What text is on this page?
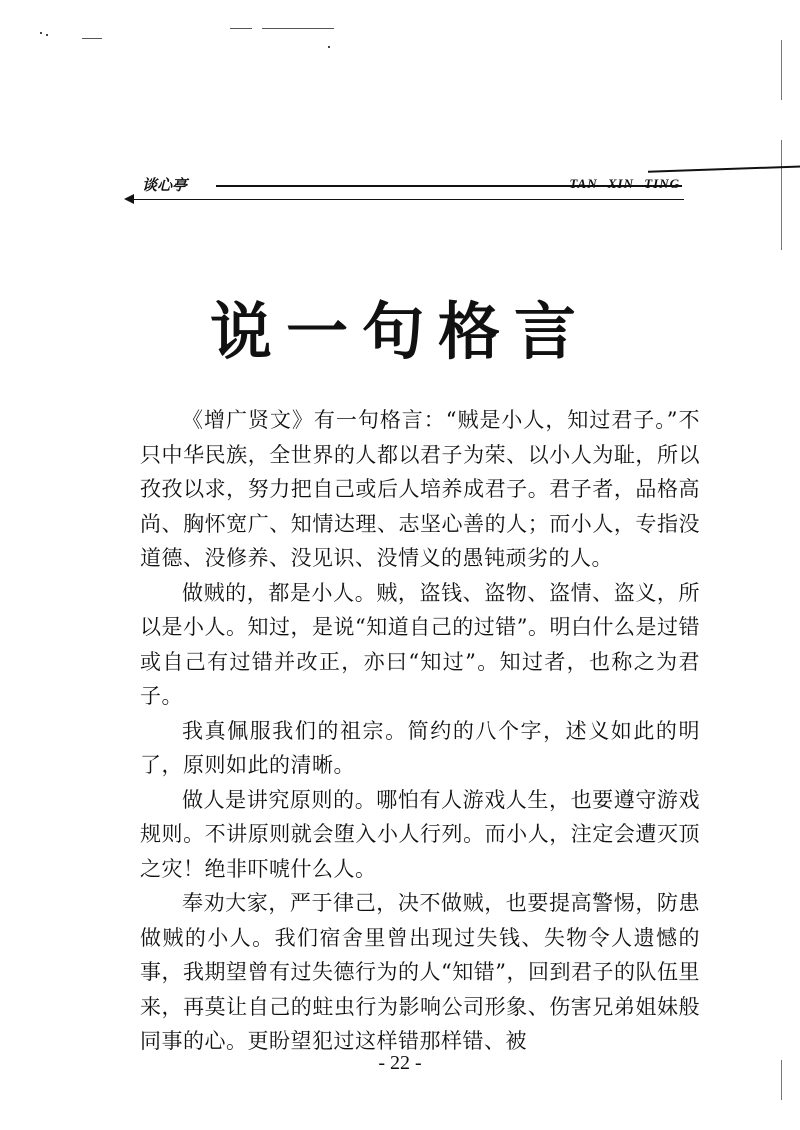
谈心亭	TAN XIN TING
说一句格言

《增广贤文》有一句格言：“贼是小人，知过君子。”不只中华民族，全世界的人都以君子为荣、以小人为耻，所以孜孜以求，努力把自己或后人培养成君子。君子者，品格高尚、胸怀宽广、知情达理、志坚心善的人；而小人，专指没道德、没修养、没见识、没情义的愚钝顽劣的人。

做贼的，都是小人。贼，盗钱、盗物、盗情、盗义，所以是小人。知过，是说“知道自己的过错”。明白什么是过错或自己有过错并改正，亦曰“知过”。知过者，也称之为君子。

我真佩服我们的祖宗。简约的八个字，述义如此的明了，原则如此的清晰。

做人是讲究原则的。哪怕有人游戏人生，也要遵守游戏规则。不讲原则就会堕入小人行列。而小人，注定会遭灭顶之灾！绝非吓唬什么人。

奉劝大家，严于律己，决不做贼，也要提高警惕，防患做贼的小人。我们宿舍里曾出现过失钱、失物令人遗憾的事，我期望曾有过失德行为的人“知错”，回到君子的队伍里来，再莫让自己的蛀虫行为影响公司形象、伤害兄弟姐妹般同事的心。更盼望犯过这样错那样错、被

- 22 -
